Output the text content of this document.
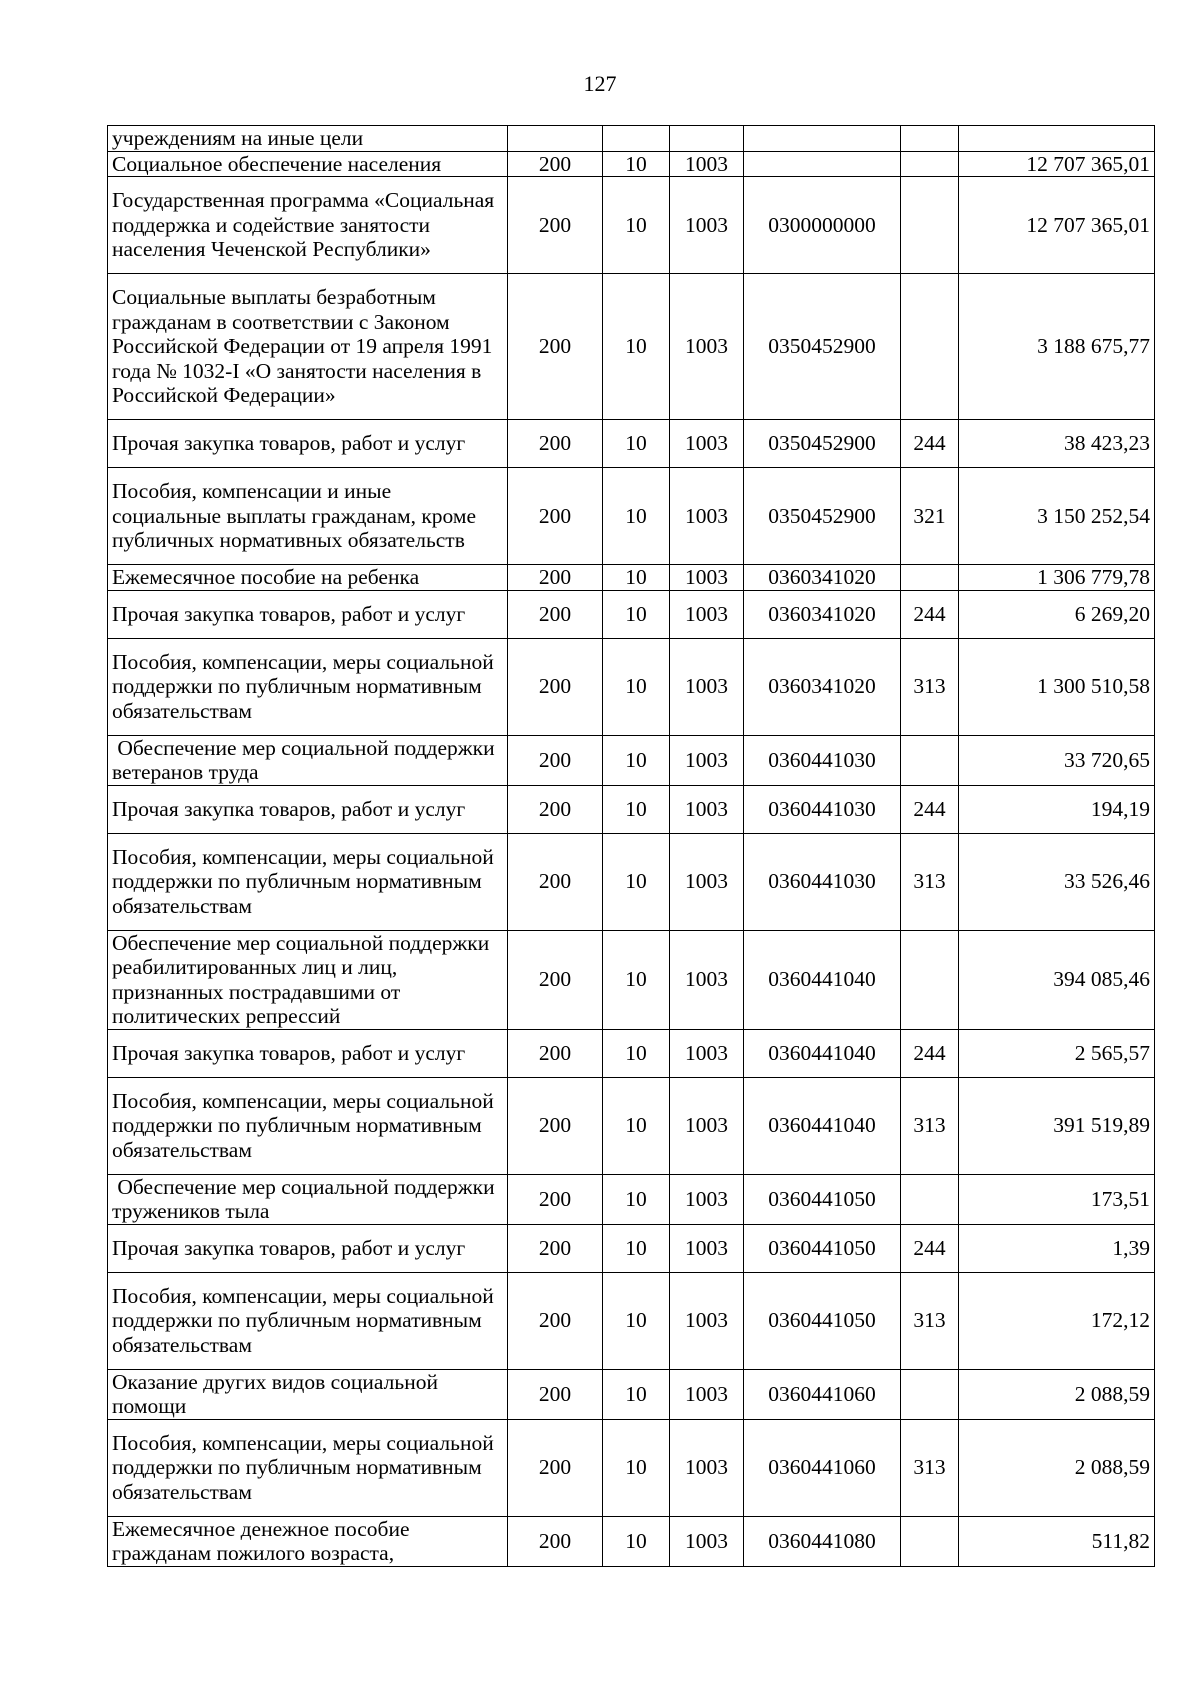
127
учреждениям на иные цели						
Социальное обеспечение населения	200	10	1003			12 707 365,01
Государственная программа «Социальная поддержка и содействие занятости населения Чеченской Республики»	200	10	1003	0300000000		12 707 365,01
Социальные выплаты безработным гражданам в соответствии с Законом Российской Федерации от 19 апреля 1991 года № 1032-I «О занятости населения в Российской Федерации»	200	10	1003	0350452900		3 188 675,77
Прочая закупка товаров, работ и услуг	200	10	1003	0350452900	244	38 423,23
Пособия, компенсации и иные социальные выплаты гражданам, кроме публичных нормативных обязательств	200	10	1003	0350452900	321	3 150 252,54
Ежемесячное пособие на ребенка	200	10	1003	0360341020		1 306 779,78
Прочая закупка товаров, работ и услуг	200	10	1003	0360341020	244	6 269,20
Пособия, компенсации, меры социальной поддержки по публичным нормативным обязательствам	200	10	1003	0360341020	313	1 300 510,58
Обеспечение мер социальной поддержки ветеранов труда	200	10	1003	0360441030		33 720,65
Прочая закупка товаров, работ и услуг	200	10	1003	0360441030	244	194,19
Пособия, компенсации, меры социальной поддержки по публичным нормативным обязательствам	200	10	1003	0360441030	313	33 526,46
Обеспечение мер социальной поддержки реабилитированных лиц и лиц, признанных пострадавшими от политических репрессий	200	10	1003	0360441040		394 085,46
Прочая закупка товаров, работ и услуг	200	10	1003	0360441040	244	2 565,57
Пособия, компенсации, меры социальной поддержки по публичным нормативным обязательствам	200	10	1003	0360441040	313	391 519,89
Обеспечение мер социальной поддержки тружеников тыла	200	10	1003	0360441050		173,51
Прочая закупка товаров, работ и услуг	200	10	1003	0360441050	244	1,39
Пособия, компенсации, меры социальной поддержки по публичным нормативным обязательствам	200	10	1003	0360441050	313	172,12
Оказание других видов социальной помощи	200	10	1003	0360441060		2 088,59
Пособия, компенсации, меры социальной поддержки по публичным нормативным обязательствам	200	10	1003	0360441060	313	2 088,59
Ежемесячное денежное пособие гражданам пожилого возраста,	200	10	1003	0360441080		511,82
